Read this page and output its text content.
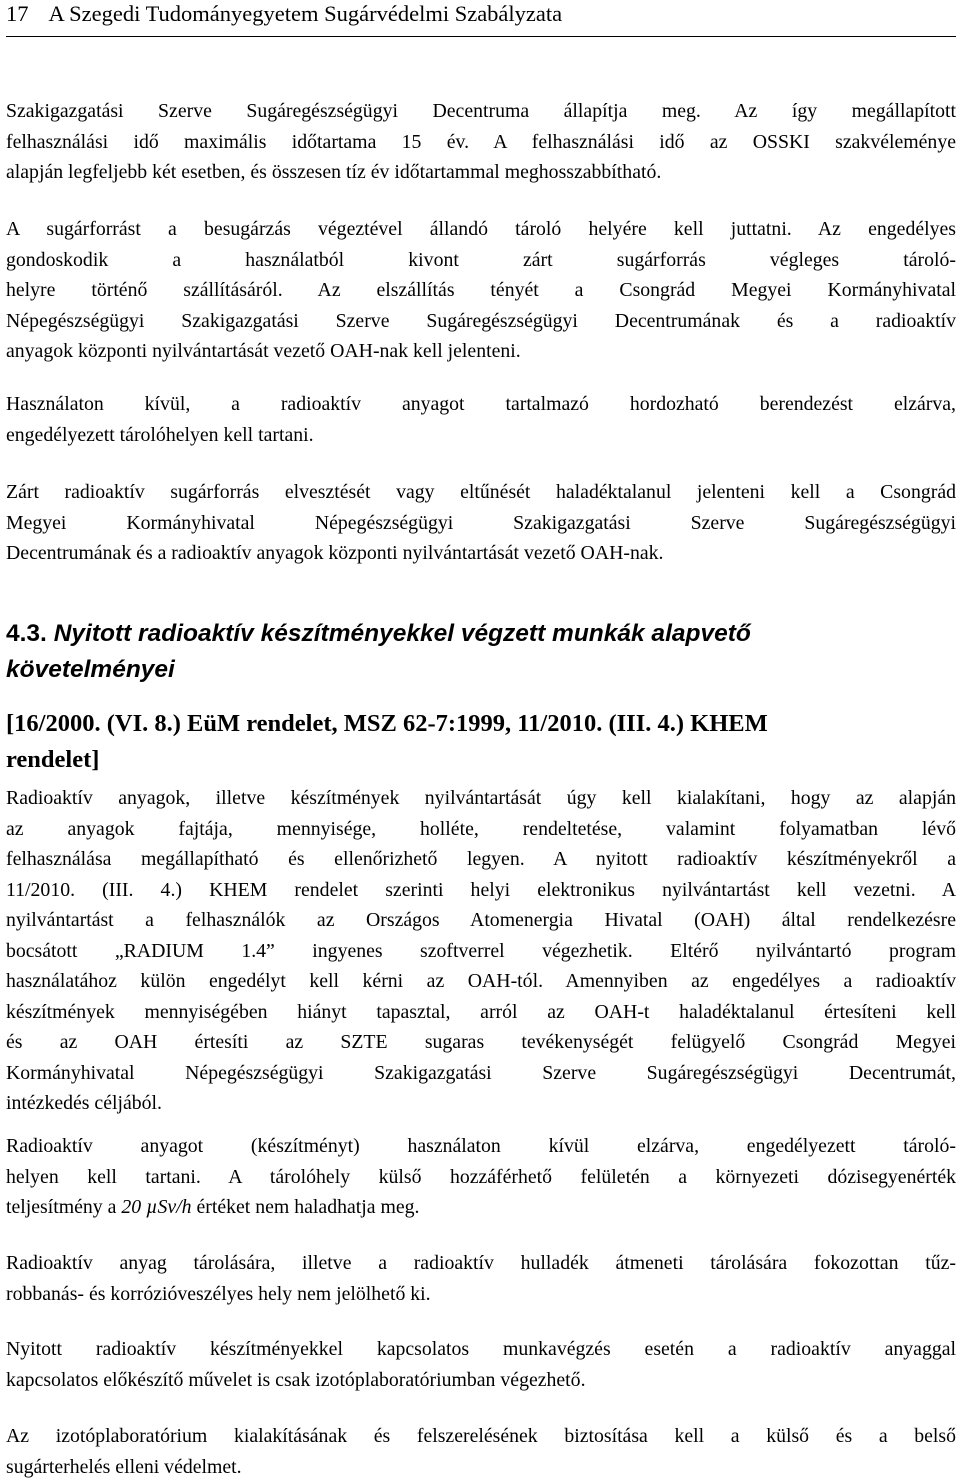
17 A Szegedi Tudományegyetem Sugárvédelmi Szabályzata
Szakigazgatási Szerve Sugáregészségügyi Decentruma állapítja meg. Az így megállapított
felhasználási idő maximális időtartama 15 év. A felhasználási idő az OSSKI szakvéleménye
alapján legfeljebb két esetben, és összesen tíz év időtartammal meghosszabbítható.
A sugárforrást a besugárzás végeztével állandó tároló helyére kell juttatni. Az engedélyes
gondoskodik a használatból kivont zárt sugárforrás végleges tároló-
helyre történő szállításáról. Az elszállítás tényét a Csongrád Megyei Kormányhivatal
Népegészségügyi Szakigazgatási Szerve Sugáregészségügyi Decentrumának és a radioaktív
anyagok központi nyilvántartását vezető OAH-nak kell jelenteni.
Használaton kívül, a radioaktív anyagot tartalmazó hordozható berendezést elzárva,
engedélyezett tárolóhelyen kell tartani.
Zárt radioaktív sugárforrás elvesztését vagy eltűnését haladéktalanul jelenteni kell a Csongrád
Megyei Kormányhivatal Népegészségügyi Szakigazgatási Szerve Sugáregészségügyi
Decentrumának és a radioaktív anyagok központi nyilvántartását vezető OAH-nak.
4.3. Nyitott radioaktív készítményekkel végzett munkák alapvető
követelményei
[16/2000. (VI. 8.) EüM rendelet, MSZ 62-7:1999, 11/2010. (III. 4.) KHEM
rendelet]
Radioaktív anyagok, illetve készítmények nyilvántartását úgy kell kialakítani, hogy az alapján
az anyagok fajtája, mennyisége, holléte, rendeltetése, valamint folyamatban lévő
felhasználása megállapítható és ellenőrizhető legyen. A nyitott radioaktív készítményekről a
11/2010. (III. 4.) KHEM rendelet szerinti helyi elektronikus nyilvántartást kell vezetni. A
nyilvántartást a felhasználók az Országos Atomenergia Hivatal (OAH) által rendelkezésre
bocsátott „RADIUM 1.4” ingyenes szoftverrel végezhetik. Eltérő nyilvántartó program
használatához külön engedélyt kell kérni az OAH-tól. Amennyiben az engedélyes a radioaktív
készítmények mennyiségében hiányt tapasztal, arról az OAH-t haladéktalanul értesíteni kell
és az OAH értesíti az SZTE sugaras tevékenységét felügyelő Csongrád Megyei
Kormányhivatal Népegészségügyi Szakigazgatási Szerve Sugáregészségügyi Decentrumát,
intézkedés céljából.
Radioaktív anyagot (készítményt) használaton kívül elzárva, engedélyezett tároló-
helyen kell tartani. A tárolóhely külső hozzáférhető felületén a környezeti dózisegyenérték
teljesítmény a 20 µSv/h értéket nem haladhatja meg.
Radioaktív anyag tárolására, illetve a radioaktív hulladék átmeneti tárolására fokozottan tűz-
robbanás- és korrózióveszélyes hely nem jelölhető ki.
Nyitott radioaktív készítményekkel kapcsolatos munkavégzés esetén a radioaktív anyaggal
kapcsolatos előkészítő művelet is csak izotóplaboratóriumban végezhető.
Az izotóplaboratórium kialakításának és felszerelésének biztosítása kell a külső és a belső
sugárterhelés elleni védelmet.
